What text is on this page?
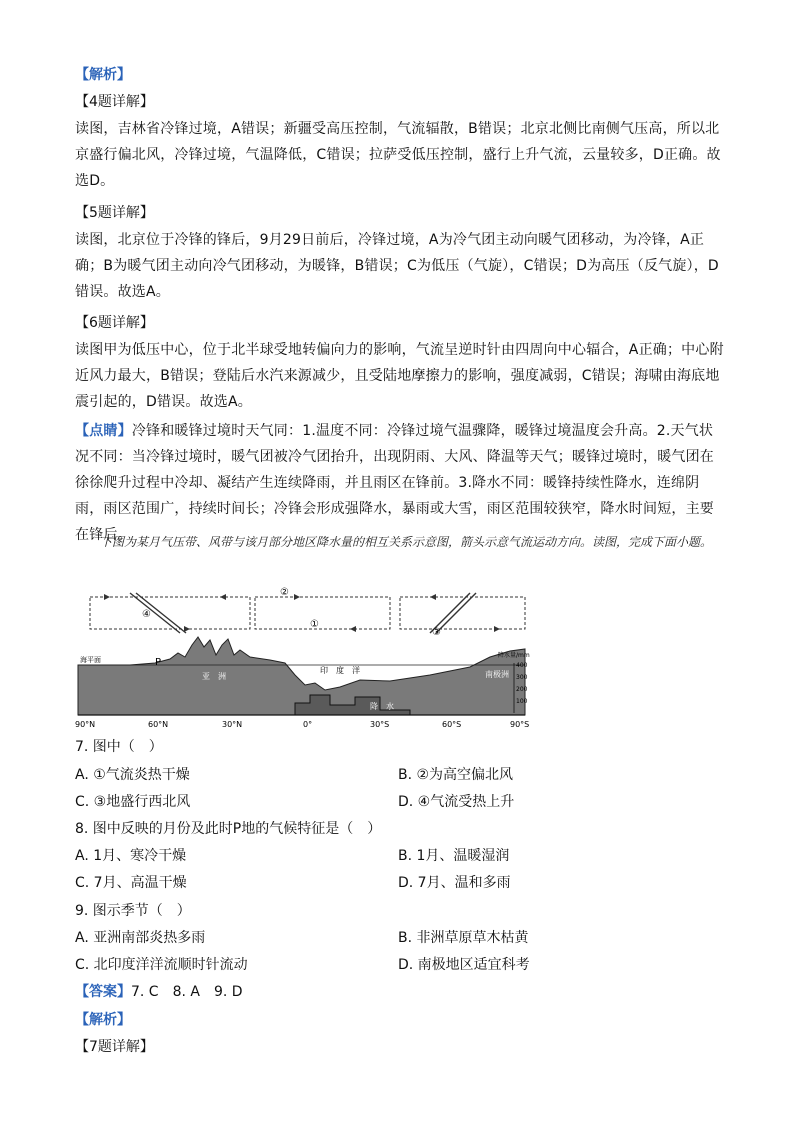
【解析】
【4题详解】
读图，吉林省冷锋过境，A错误；新疆受高压控制，气流辐散，B错误；北京北侧比南侧气压高，所以北京盛行偏北风，冷锋过境，气温降低，C错误；拉萨受低压控制，盛行上升气流，云量较多，D正确。故选D。
【5题详解】
读图，北京位于冷锋的锋后，9月29日前后，冷锋过境，A为冷气团主动向暖气团移动，为冷锋，A正确；B为暖气团主动向冷气团移动，为暖锋，B错误；C为低压（气旋），C错误；D为高压（反气旋），D错误。故选A。
【6题详解】
读图甲为低压中心，位于北半球受地转偏向力的影响，气流呈逆时针由四周向中心辐合，A正确；中心附近风力最大，B错误；登陆后水汽来源减少，且受陆地摩擦力的影响，强度减弱，C错误；海啸由海底地震引起的，D错误。故选A。
【点睛】冷锋和暖锋过境时天气同：1.温度不同：冷锋过境气温骤降，暖锋过境温度会升高。2.天气状况不同：当冷锋过境时，暖气团被冷气团抬升，出现阴雨、大风、降温等天气；暖锋过境时，暖气团在徐徐爬升过程中冷却、凝结产生连续降雨，并且雨区在锋前。3.降水不同：暖锋持续性降水，连绵阴雨，雨区范围广，持续时间长；冷锋会形成强降水，暴雨或大雪，雨区范围较狭窄，降水时间短，主要在锋后。
下图为某月气压带、风带与该月部分地区降水量的相互关系示意图，箭头示意气流运动方向。读图，完成下面小题。
④
②
①
③
海平面	P
亚　洲
印　度　洋	南极洲
降　水
降水量/mm
400
300
200
100
90°N	60°N	30°N	0°	30°S	60°S	90°S
7. 图中（　）
A. ①气流炎热干燥	B. ②为高空偏北风
C. ③地盛行西北风	D. ④气流受热上升
8. 图中反映的月份及此时P地的气候特征是（　）
A. 1月、寒冷干燥	B. 1月、温暖湿润
C. 7月、高温干燥	D. 7月、温和多雨
9. 图示季节（　）
A. 亚洲南部炎热多雨	B. 非洲草原草木枯黄
C. 北印度洋洋流顺时针流动	D. 南极地区适宜科考
【答案】7. C　8. A　9. D
【解析】
【7题详解】
